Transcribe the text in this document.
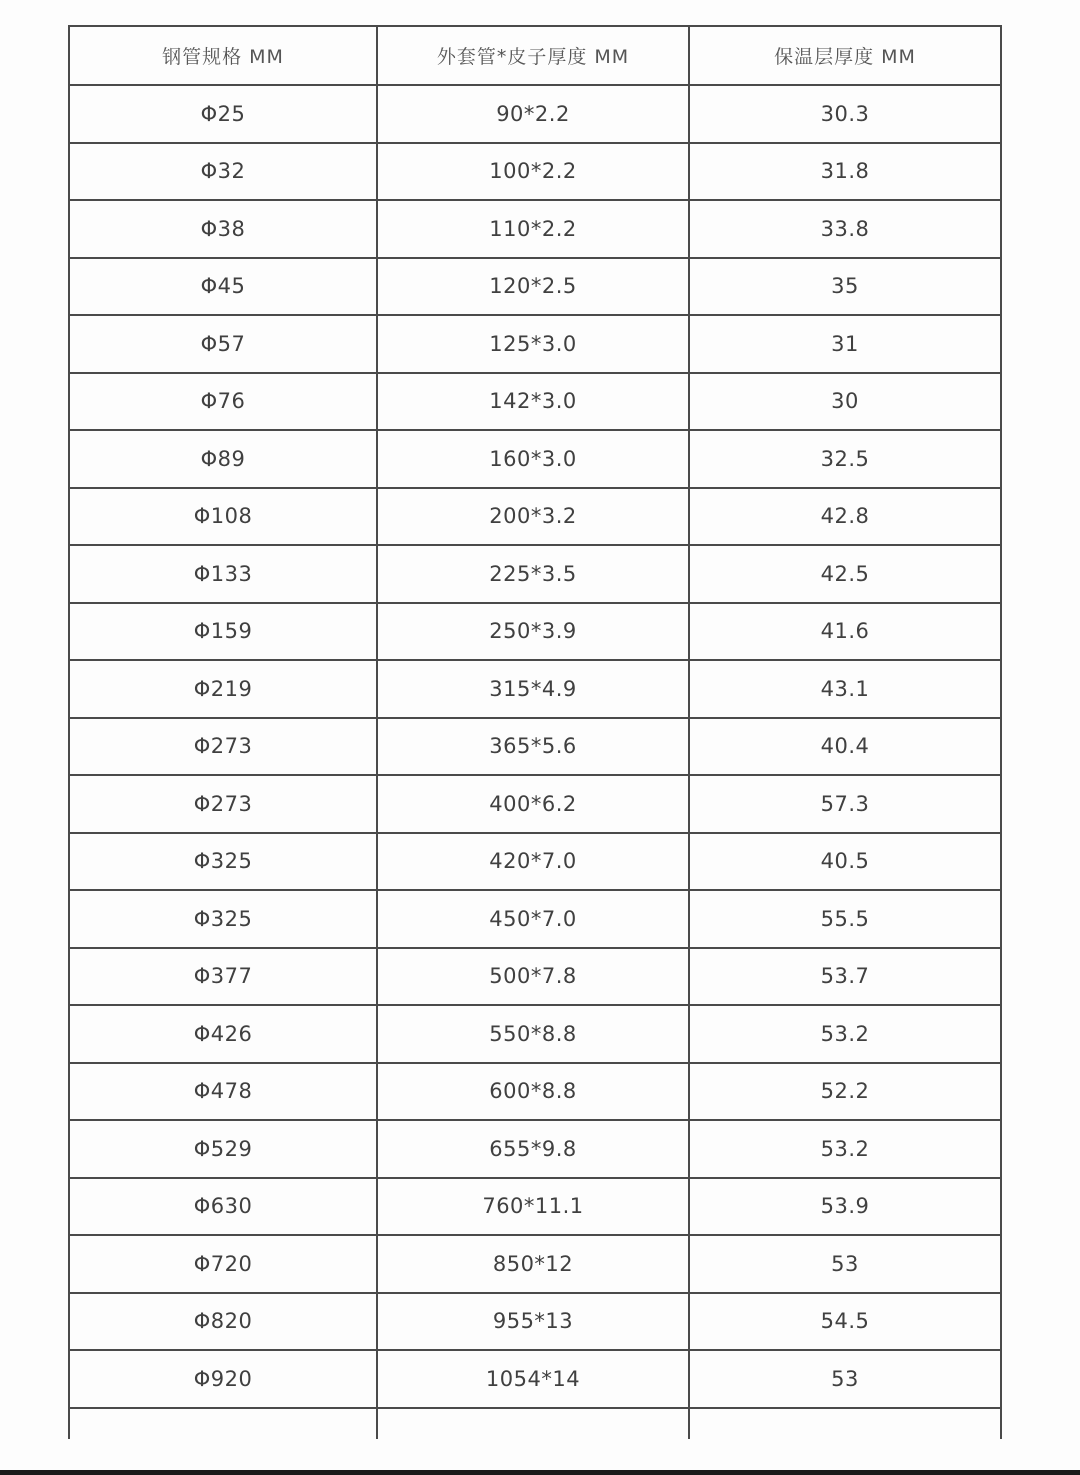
钢管规格 MM	外套管*皮子厚度 MM	保温层厚度 MM
Φ25	90*2.2	30.3
Φ32	100*2.2	31.8
Φ38	110*2.2	33.8
Φ45	120*2.5	35
Φ57	125*3.0	31
Φ76	142*3.0	30
Φ89	160*3.0	32.5
Φ108	200*3.2	42.8
Φ133	225*3.5	42.5
Φ159	250*3.9	41.6
Φ219	315*4.9	43.1
Φ273	365*5.6	40.4
Φ273	400*6.2	57.3
Φ325	420*7.0	40.5
Φ325	450*7.0	55.5
Φ377	500*7.8	53.7
Φ426	550*8.8	53.2
Φ478	600*8.8	52.2
Φ529	655*9.8	53.2
Φ630	760*11.1	53.9
Φ720	850*12	53
Φ820	955*13	54.5
Φ920	1054*14	53
